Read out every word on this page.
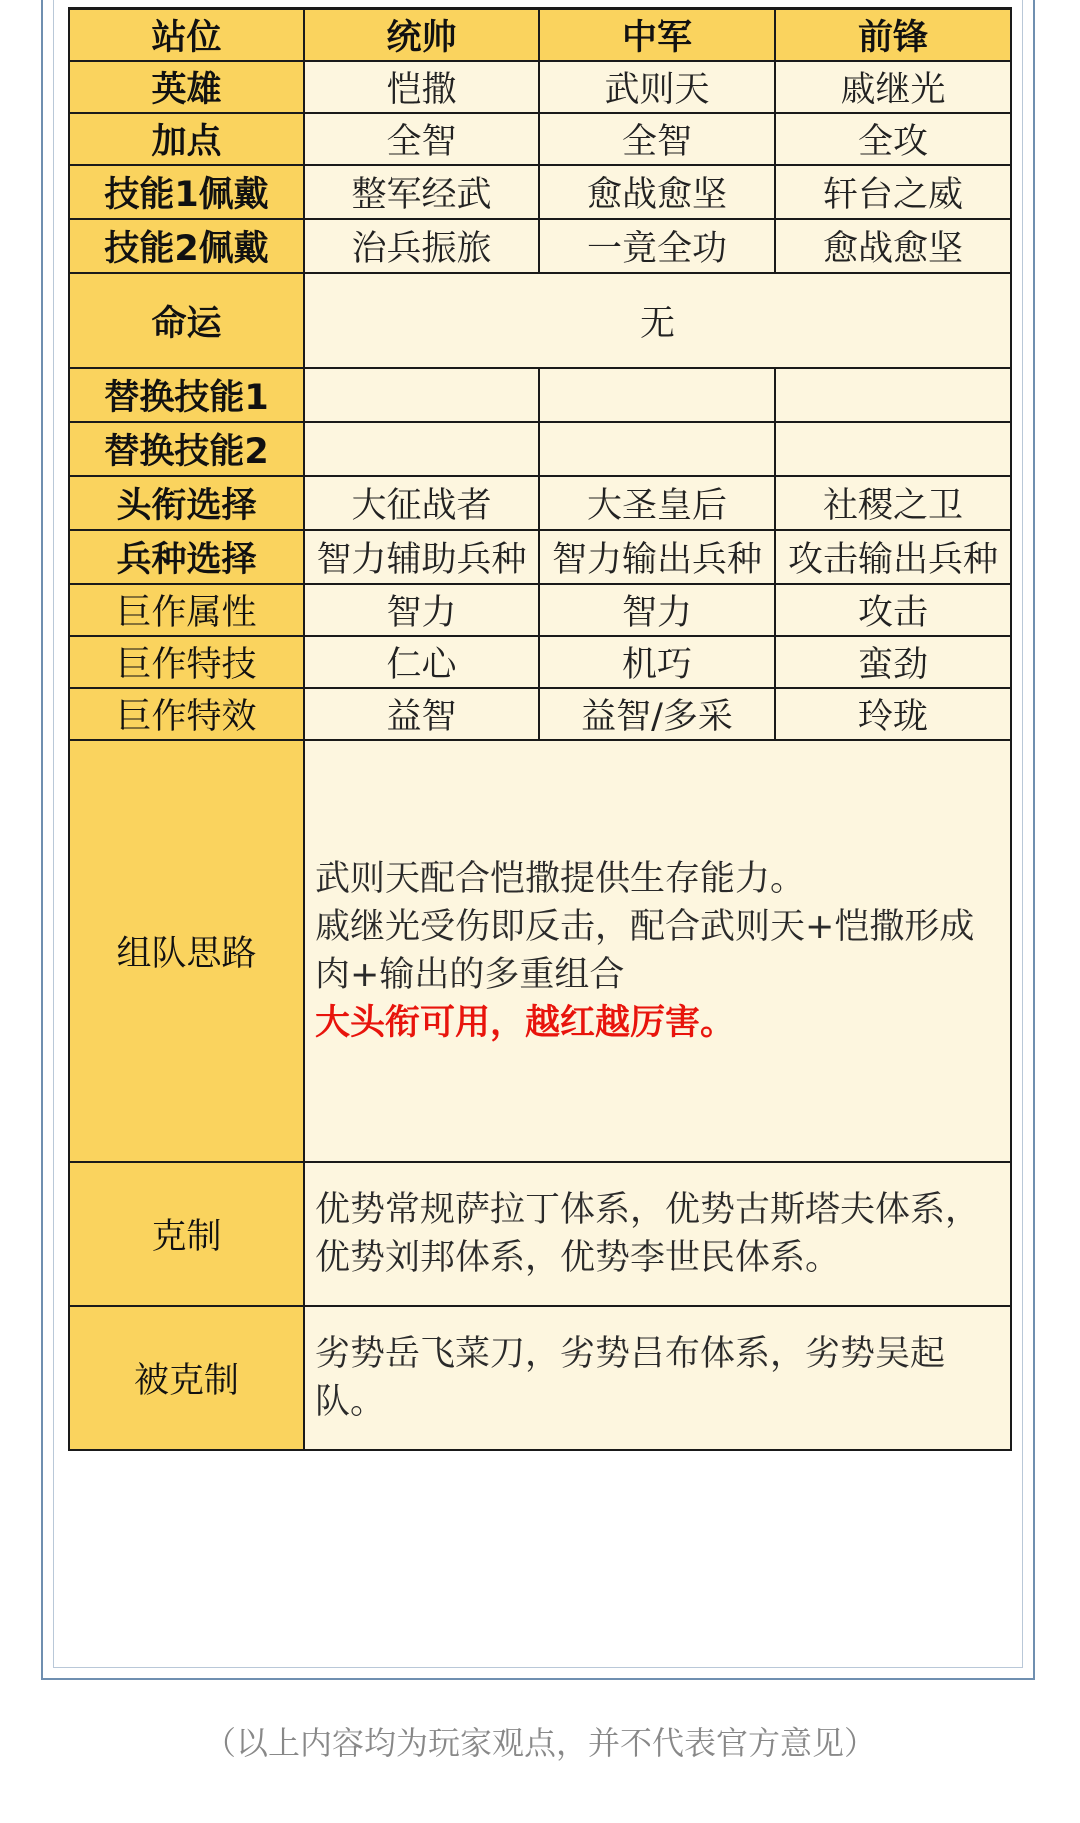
站位	统帅	中军	前锋
英雄	恺撒	武则天	戚继光
加点	全智	全智	全攻
技能1佩戴	整军经武	愈战愈坚	轩台之威
技能2佩戴	治兵振旅	一竟全功	愈战愈坚
命运	无		
替换技能1			
替换技能2			
头衔选择	大征战者	大圣皇后	社稷之卫
兵种选择	智力辅助兵种	智力输出兵种	攻击输出兵种
巨作属性	智力	智力	攻击
巨作特技	仁心	机巧	蛮劲
巨作特效	益智	益智/多采	玲珑
组队思路	武则天配合恺撒提供生存能力。
戚继光受伤即反击，配合武则天+恺撒形成肉+输出的多重组合
大头衔可用，越红越厉害。		

克制	优势常规萨拉丁体系，优势古斯塔夫体系，优势刘邦体系，优势李世民体系。		
被克制	劣势岳飞菜刀，劣势吕布体系，劣势吴起队。		
（以上内容均为玩家观点，并不代表官方意见）
